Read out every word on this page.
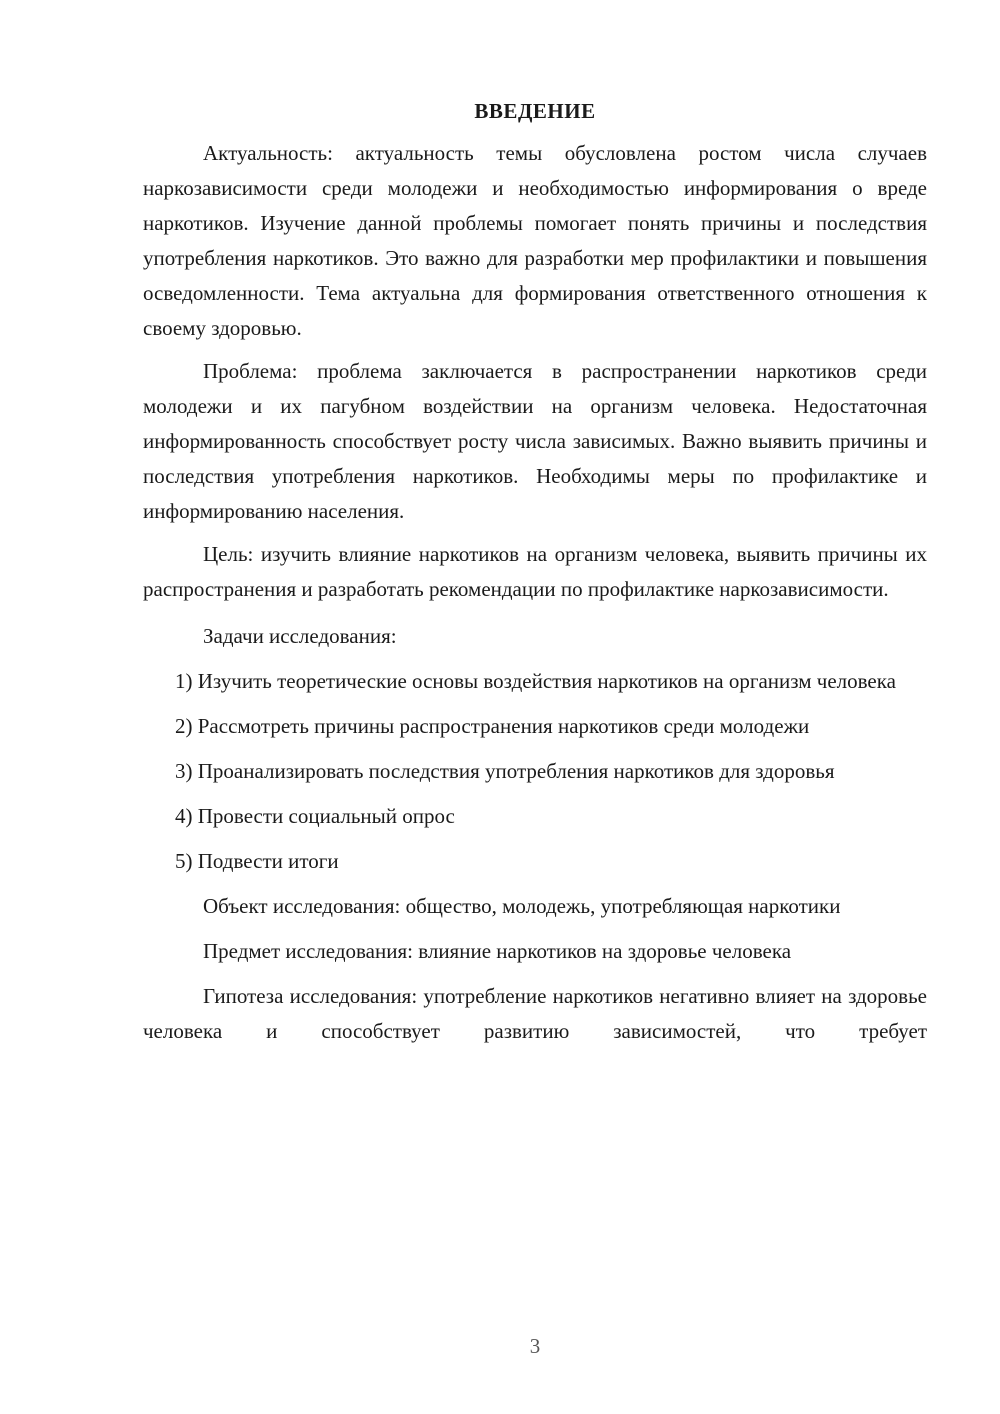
ВВЕДЕНИЕ

Актуальность: актуальность темы обусловлена ростом числа случаев наркозависимости среди молодежи и необходимостью информирования о вреде наркотиков. Изучение данной проблемы помогает понять причины и последствия употребления наркотиков. Это важно для разработки мер профилактики и повышения осведомленности. Тема актуальна для формирования ответственного отношения к своему здоровью.

Проблема: проблема заключается в распространении наркотиков среди молодежи и их пагубном воздействии на организм человека. Недостаточная информированность способствует росту числа зависимых. Важно выявить причины и последствия употребления наркотиков. Необходимы меры по профилактике и информированию населения.

Цель: изучить влияние наркотиков на организм человека, выявить причины их распространения и разработать рекомендации по профилактике наркозависимости.

Задачи исследования:

1) Изучить теоретические основы воздействия наркотиков на организм человека

2) Рассмотреть причины распространения наркотиков среди молодежи

3) Проанализировать последствия употребления наркотиков для здоровья

4) Провести социальный опрос

5) Подвести итоги

Объект исследования: общество, молодежь, употребляющая наркотики

Предмет исследования: влияние наркотиков на здоровье человека

Гипотеза исследования: употребление наркотиков негативно влияет на здоровье человека и способствует развитию зависимостей, что требует

3
